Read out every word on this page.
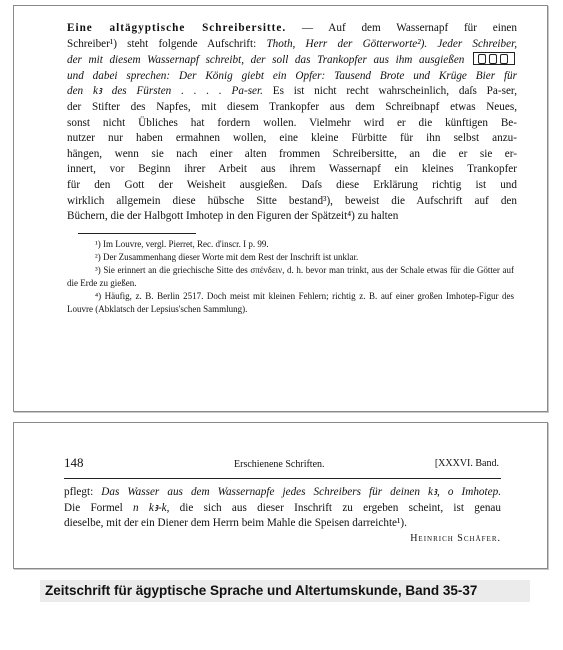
Eine altägyptische Schreibersitte. — Auf dem Wassernapf für einen
Schreiber¹) steht folgende Aufschrift: Thoth, Herr der Götterworte²). Jeder Schreiber,
der mit diesem Wassernapf schreibt, der soll das Trankopfer aus ihm ausgießen
und dabei sprechen: Der König giebt ein Opfer: Tausend Brote und Krüge Bier für
den kꜣ des Fürsten . . . . Pa-ser. Es ist nicht recht wahrscheinlich, daſs Pa-ser,
der Stifter des Napfes, mit diesem Trankopfer aus dem Schreibnapf etwas Neues,
sonst nicht Übliches hat fordern wollen. Vielmehr wird er die künftigen Be-
nutzer nur haben ermahnen wollen, eine kleine Fürbitte für ihn selbst anzu-
hängen, wenn sie nach einer alten frommen Schreibersitte, an die er sie er-
innert, vor Beginn ihrer Arbeit aus ihrem Wassernapf ein kleines Trankopfer
für den Gott der Weisheit ausgießen. Daſs diese Erklärung richtig ist und
wirklich allgemein diese hübsche Sitte bestand³), beweist die Aufschrift auf den
Büchern, die der Halbgott Imhotep in den Figuren der Spätzeit⁴) zu halten
¹) Im Louvre, vergl. Pierret, Rec. d'inscr. I p. 99.
²) Der Zusammenhang dieser Worte mit dem Rest der Inschrift ist unklar.
³) Sie erinnert an die griechische Sitte des σπένδειν, d. h. bevor man trinkt, aus der Schale etwas für die Götter auf die Erde zu gießen.
⁴) Häufig, z. B. Berlin 2517. Doch meist mit kleinen Fehlern; richtig z. B. auf einer großen Imhotep-Figur des Louvre (Abklatsch der Lepsius'schen Sammlung).
148	Erschienene Schriften.	[XXXVI. Band.
pflegt: Das Wasser aus dem Wassernapfe jedes Schreibers für deinen kꜣ, o Imhotep.
Die Formel n kꜣ-k, die sich aus dieser Inschrift zu ergeben scheint, ist genau
dieselbe, mit der ein Diener dem Herrn beim Mahle die Speisen darreichte¹).
Heinrich Schäfer.
Zeitschrift für ägyptische Sprache und Altertumskunde, Band 35-37
